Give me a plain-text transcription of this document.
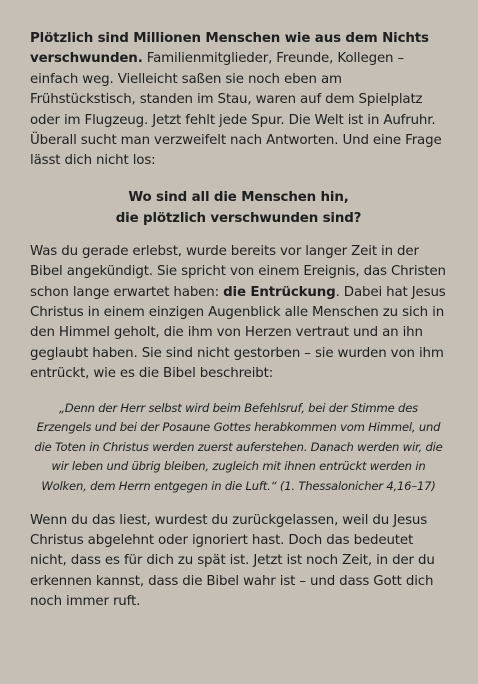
Plötzlich sind Millionen Menschen wie aus dem Nichts verschwunden. Familienmitglieder, Freunde, Kollegen – einfach weg. Vielleicht saßen sie noch eben am Frühstückstisch, standen im Stau, waren auf dem Spielplatz oder im Flugzeug. Jetzt fehlt jede Spur. Die Welt ist in Aufruhr. Überall sucht man verzweifelt nach Antworten. Und eine Frage lässt dich nicht los:

Wo sind all die Menschen hin,
die plötzlich verschwunden sind?

Was du gerade erlebst, wurde bereits vor langer Zeit in der Bibel angekündigt. Sie spricht von einem Ereignis, das Christen schon lange erwartet haben: die Entrückung. Dabei hat Jesus Christus in einem einzigen Augenblick alle Menschen zu sich in den Himmel geholt, die ihm von Herzen vertraut und an ihn geglaubt haben. Sie sind nicht gestorben – sie wurden von ihm entrückt, wie es die Bibel beschreibt:

„Denn der Herr selbst wird beim Befehlsruf, bei der Stimme des Erzengels und bei der Posaune Gottes herabkommen vom Himmel, und die Toten in Christus werden zuerst auferstehen. Danach werden wir, die wir leben und übrig bleiben, zugleich mit ihnen entrückt werden in Wolken, dem Herrn entgegen in die Luft.“ (1. Thessalonicher 4,16–17)

Wenn du das liest, wurdest du zurückgelassen, weil du Jesus Christus abgelehnt oder ignoriert hast. Doch das bedeutet nicht, dass es für dich zu spät ist. Jetzt ist noch Zeit, in der du erkennen kannst, dass die Bibel wahr ist – und dass Gott dich noch immer ruft.
